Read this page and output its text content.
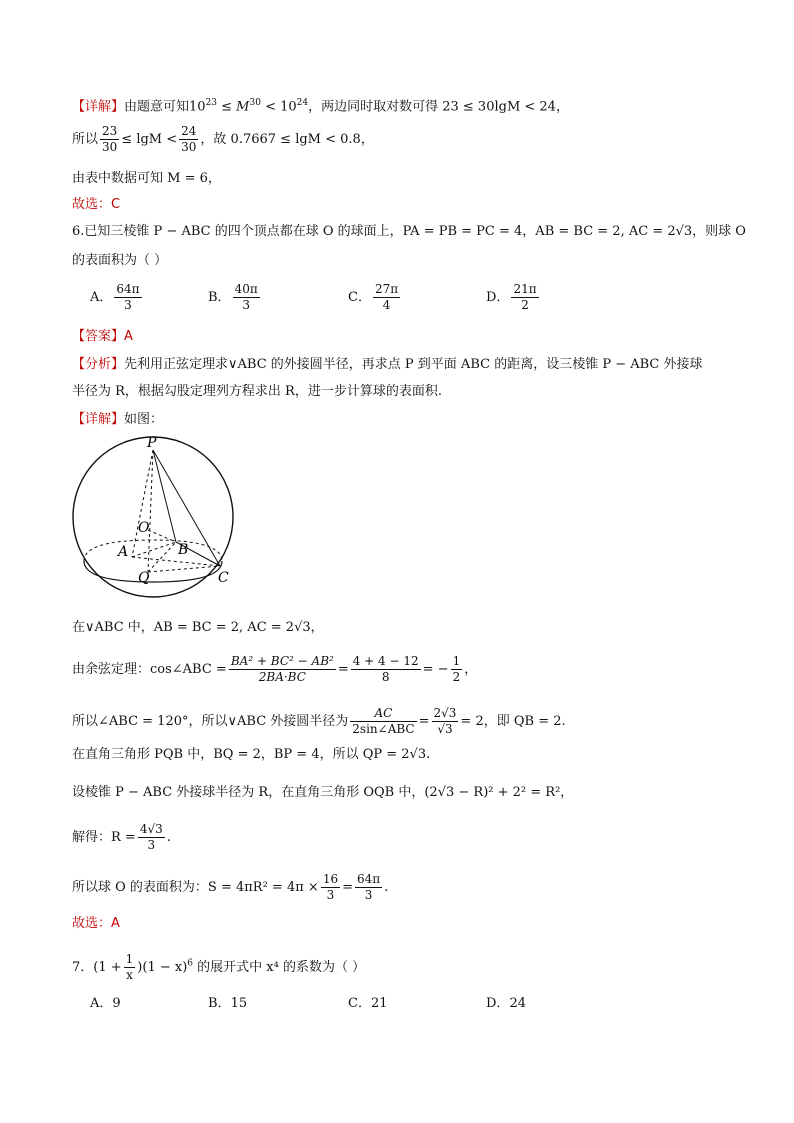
【详解】由题意可知$10^{23} \le M^{30} < 10^{24}$，两边同时取对数可得 23 ≤ 30lgM < 24，
所以 $\frac{23}{30} \le \lg M < \frac{24}{30}$ ，故 0.7667 ≤ lgM < 0.8，
由表中数据可知 M = 6，
故选：C
6.已知三棱锥 P − ABC 的四个顶点都在球 O 的球面上，PA = PB = PC = 4，AB = BC = 2, AC = 2√3，则球 O
的表面积为（ ）
A． $\frac{64\pi}{3}$	B． $\frac{40\pi}{3}$	C． $\frac{27\pi}{4}$	D． $\frac{21\pi}{2}$
【答案】A
【分析】先利用正弦定理求∨ABC 的外接圆半径，再求点 P 到平面 ABC 的距离，设三棱锥 P − ABC 外接球
半径为 R，根据勾股定理列方程求出 R，进一步计算球的表面积.
【详解】如图：
P
O
A	B
Q	C
在∨ABC 中，AB = BC = 2, AC = 2√3，
由余弦定理：cos∠ABC = $\frac{\text{BA² + BC² − AB²}}{2BA\cdot BC} = \frac{4 + 4 - 12}{8}$ = − $\frac{1}{2}$ ，
所以∠ABC = 120°，所以∨ABC 外接圆半径为 $\frac{AC}{\text{2sin∠ABC}} = \frac{2√3}{√3} = 2$，即 QB = 2.
在直角三角形 PQB 中，BQ = 2，BP = 4，所以 QP = 2√3.
设棱锥 P − ABC 外接球半径为 R，在直角三角形 OQB 中，(2√3 − R)² + 2² = R²，
解得：$R = \frac{4√3}{3}$ .
所以球 O 的表面积为：$S = 4\pi R^2 = 4\pi \times \frac{16}{3} = \frac{64\pi}{3}$ .
故选：A
7．$(1 + \frac{1}{x} )(1 - x)^6$ 的展开式中 x⁴ 的系数为（ ）
A．9	B．15	C．21	D．24
